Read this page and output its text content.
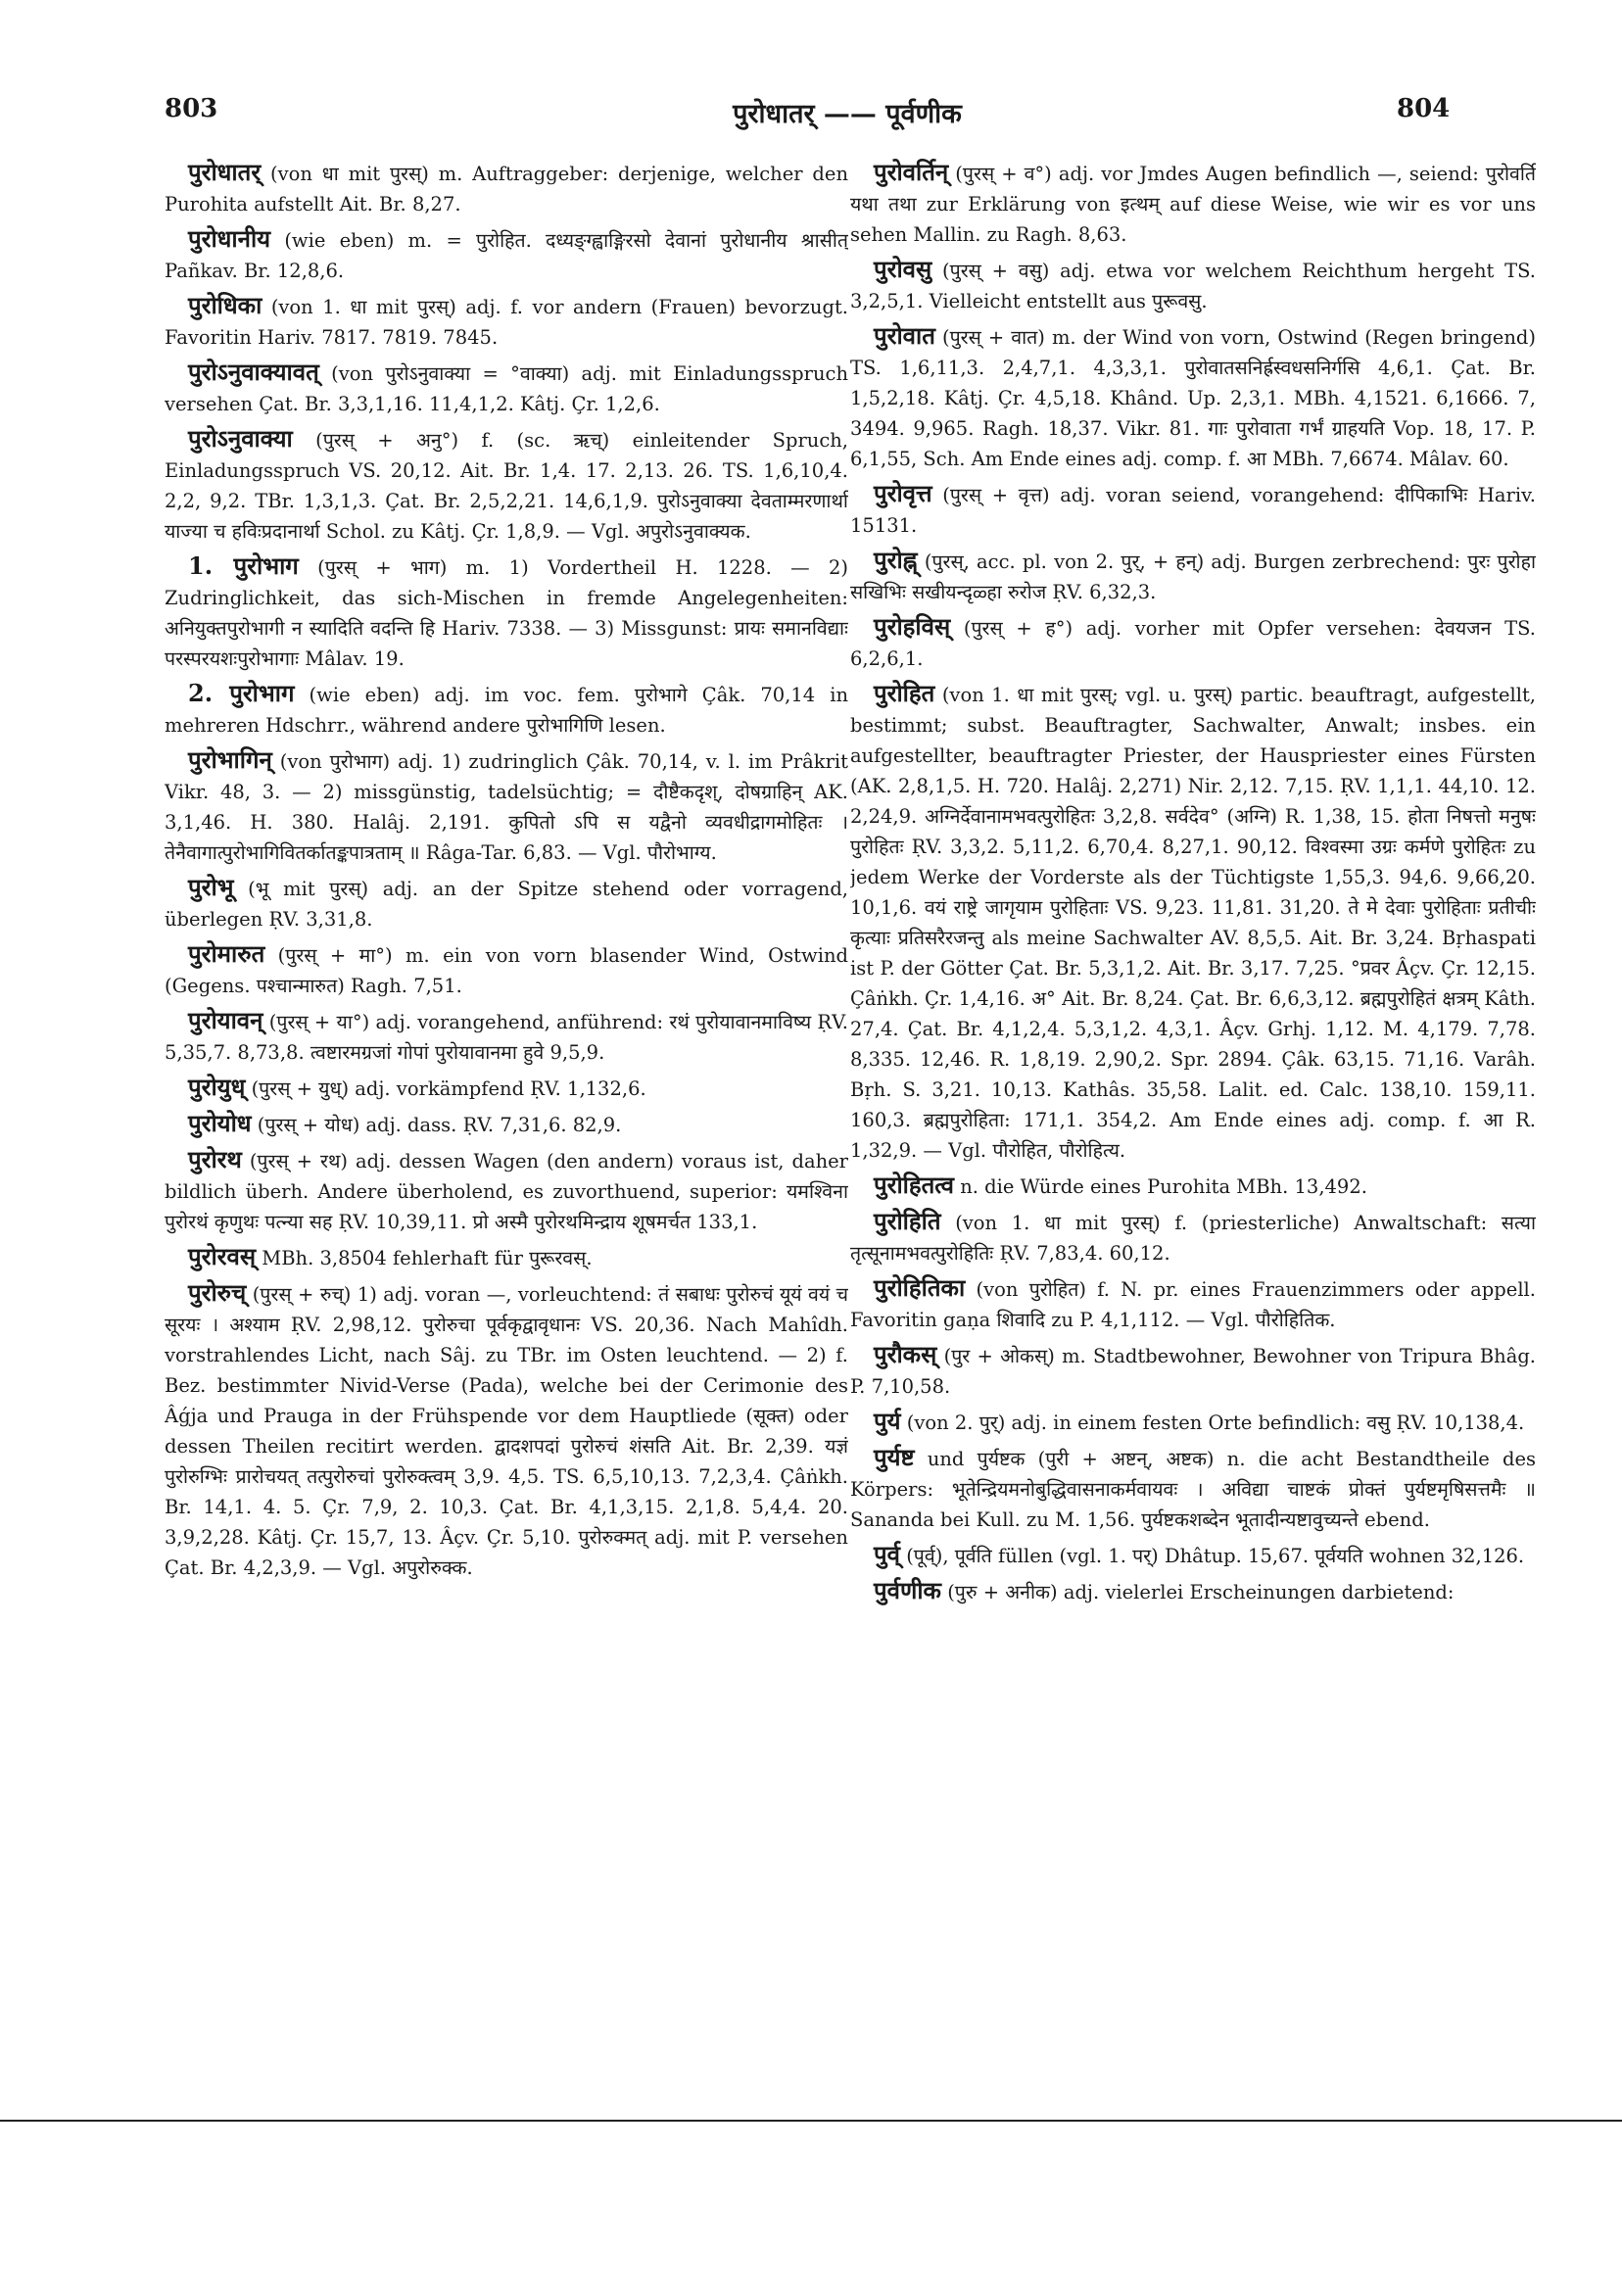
803	पुरोधातर् —— पूर्वणीक	804

पुरोधातर् (von धा mit पुरस्) m. Auftraggeber: derjenige, welcher den Purohita aufstellt Ait. Br. 8,27.

पुरोधानीय (wie eben) m. = पुरोहित. दध्यङ्ग्ह्वाङ्गिरसो देवानां पुरोधानीय श्रासीत् Pañkav. Br. 12,8,6.

पुरोधिका (von 1. धा mit पुरस्) adj. f. vor andern (Frauen) bevorzugt. Favoritin Hariv. 7817. 7819. 7845.

पुरोऽनुवाक्यावत् (von पुरोऽनुवाक्या = °वाक्या) adj. mit Einladungsspruch versehen Çat. Br. 3,3,1,16. 11,4,1,2. Kâtj. Çr. 1,2,6.

पुरोऽनुवाक्या (पुरस् + अनु°) f. (sc. ऋच्) einleitender Spruch, Einladungsspruch VS. 20,12. Ait. Br. 1,4. 17. 2,13. 26. TS. 1,6,10,4. 2,2, 9,2. TBr. 1,3,1,3. Çat. Br. 2,5,2,21. 14,6,1,9. पुरोऽनुवाक्या देवताम्मरणार्था याज्या च हविःप्रदानार्था Schol. zu Kâtj. Çr. 1,8,9. — Vgl. अपुरोऽनुवाक्यक.

1. पुरोभाग (पुरस् + भाग) m. 1) Vordertheil H. 1228. — 2) Zudringlichkeit, das sich-Mischen in fremde Angelegenheiten: अनियुक्तपुरोभागी न स्यादिति वदन्ति हि Hariv. 7338. — 3) Missgunst: प्रायः समानविद्याः परस्परयशःपुरोभागाः Mâlav. 19.

2. पुरोभाग (wie eben) adj. im voc. fem. पुरोभागे Çâk. 70,14 in mehreren Hdschrr., während andere पुरोभागिणि lesen.

पुरोभागिन् (von पुरोभाग) adj. 1) zudringlich Çâk. 70,14, v. l. im Prâkrit Vikr. 48, 3. — 2) missgünstig, tadelsüchtig; = दौष्टैकदृश्, दोषग्राहिन् AK. 3,1,46. H. 380. Halâj. 2,191. कुपितो ऽपि स यद्वैनो व्यवधीद्रागमोहितः । तेनैवागात्पुरोभागिवितर्कातङ्कपात्रताम् ॥ Râga-Tar. 6,83. — Vgl. पौरोभाग्य.

पुरोभू (भू mit पुरस्) adj. an der Spitze stehend oder vorragend, überlegen ṚV. 3,31,8.

पुरोमारुत (पुरस् + मा°) m. ein von vorn blasender Wind, Ostwind (Gegens. पश्चान्मारुत) Ragh. 7,51.

पुरोयावन् (पुरस् + या°) adj. vorangehend, anführend: रथं पुरोयावानमाविष्य ṚV. 5,35,7. 8,73,8. त्वष्टारमग्रजां गोपां पुरोयावानमा हुवे 9,5,9.

पुरोयुध् (पुरस् + युध्) adj. vorkämpfend ṚV. 1,132,6.

पुरोयोध (पुरस् + योध) adj. dass. ṚV. 7,31,6. 82,9.

पुरोरथ (पुरस् + रथ) adj. dessen Wagen (den andern) voraus ist, daher bildlich überh. Andere überholend, es zuvorthuend, superior: यमश्विना पुरोरथं कृणुथः पत्न्या सह ṚV. 10,39,11. प्रो अस्मै पुरोरथमिन्द्राय शूषमर्चत 133,1.

पुरोरवस् MBh. 3,8504 fehlerhaft für पुरूरवस्.

पुरोरुच् (पुरस् + रुच्) 1) adj. voran —, vorleuchtend: तं सबाधः पुरोरुचं यूयं वयं च सूरयः । अश्याम ṚV. 2,98,12. पुरोरुचा पूर्वकृद्वावृधानः VS. 20,36. Nach Mahîdh. vorstrahlendes Licht, nach Sâj. zu TBr. im Osten leuchtend. — 2) f. Bez. bestimmter Nivid-Verse (Pada), welche bei der Cerimonie des Âǵja und Prauga in der Frühspende vor dem Hauptliede (सूक्त) oder dessen Theilen recitirt werden. द्वादशपदां पुरोरुचं शंसति Ait. Br. 2,39. यज्ञं पुरोरुग्भिः प्रारोचयत् तत्पुरोरुचां पुरोरुक्त्वम् 3,9. 4,5. TS. 6,5,10,13. 7,2,3,4. Çâṅkh. Br. 14,1. 4. 5. Çr. 7,9, 2. 10,3. Çat. Br. 4,1,3,15. 2,1,8. 5,4,4. 20. 3,9,2,28. Kâtj. Çr. 15,7, 13. Âçv. Çr. 5,10. पुरोरुक्मत् adj. mit P. versehen Çat. Br. 4,2,3,9. — Vgl. अपुरोरुक्क.

पुरोवर्तिन् (पुरस् + व°) adj. vor Jmdes Augen befindlich —, seiend: पुरोवर्ति यथा तथा zur Erklärung von इत्थम् auf diese Weise, wie wir es vor uns sehen Mallin. zu Ragh. 8,63.

पुरोवसु (पुरस् + वसु) adj. etwa vor welchem Reichthum hergeht TS. 3,2,5,1. Vielleicht entstellt aus पुरूवसु.

पुरोवात (पुरस् + वात) m. der Wind von vorn, Ostwind (Regen bringend) TS. 1,6,11,3. 2,4,7,1. 4,3,3,1. पुरोवातसनिर्ह्रस्वधसनिर्गसि 4,6,1. Çat. Br. 1,5,2,18. Kâtj. Çr. 4,5,18. Khând. Up. 2,3,1. MBh. 4,1521. 6,1666. 7, 3494. 9,965. Ragh. 18,37. Vikr. 81. गाः पुरोवाता गर्भं ग्राहयति Vop. 18, 17. P. 6,1,55, Sch. Am Ende eines adj. comp. f. आ MBh. 7,6674. Mâlav. 60.

पुरोवृत्त (पुरस् + वृत्त) adj. voran seiend, vorangehend: दीपिकाभिः Hariv. 15131.

पुरोह्न् (पुरस्, acc. pl. von 2. पुर्, + हन्) adj. Burgen zerbrechend: पुरः पुरोहा सखिभिः सखीयन्दृळ्हा रुरोज ṚV. 6,32,3.

पुरोहविस् (पुरस् + ह°) adj. vorher mit Opfer versehen: देवयजन TS. 6,2,6,1.

पुरोहित (von 1. धा mit पुरस्; vgl. u. पुरस्) partic. beauftragt, aufgestellt, bestimmt; subst. Beauftragter, Sachwalter, Anwalt; insbes. ein aufgestellter, beauftragter Priester, der Hauspriester eines Fürsten (AK. 2,8,1,5. H. 720. Halâj. 2,271) Nir. 2,12. 7,15. ṚV. 1,1,1. 44,10. 12. 2,24,9. अग्निर्देवानामभवत्पुरोहितः 3,2,8. सर्वदेव° (अग्नि) R. 1,38, 15. होता निषत्तो मनुषः पुरोहितः ṚV. 3,3,2. 5,11,2. 6,70,4. 8,27,1. 90,12. विश्वस्मा उग्रः कर्मणे पुरोहितः zu jedem Werke der Vorderste als der Tüchtigste 1,55,3. 94,6. 9,66,20. 10,1,6. वयं राष्ट्रे जागृयाम पुरोहिताः VS. 9,23. 11,81. 31,20. ते मे देवाः पुरोहिताः प्रतीचीः कृत्याः प्रतिसरैरजन्तु als meine Sachwalter AV. 8,5,5. Ait. Br. 3,24. Bṛhaspati ist P. der Götter Çat. Br. 5,3,1,2. Ait. Br. 3,17. 7,25. °प्रवर Âçv. Çr. 12,15. Çâṅkh. Çr. 1,4,16. अ° Ait. Br. 8,24. Çat. Br. 6,6,3,12. ब्रह्मपुरोहितं क्षत्रम् Kâth. 27,4. Çat. Br. 4,1,2,4. 5,3,1,2. 4,3,1. Âçv. Grhj. 1,12. M. 4,179. 7,78. 8,335. 12,46. R. 1,8,19. 2,90,2. Spr. 2894. Çâk. 63,15. 71,16. Varâh. Bṛh. S. 3,21. 10,13. Kathâs. 35,58. Lalit. ed. Calc. 138,10. 159,11. 160,3. ब्रह्मपुरोहिता: 171,1. 354,2. Am Ende eines adj. comp. f. आ R. 1,32,9. — Vgl. पौरोहित, पौरोहित्य.

पुरोहितत्व n. die Würde eines Purohita MBh. 13,492.

पुरोहिति (von 1. धा mit पुरस्) f. (priesterliche) Anwaltschaft: सत्या तृत्सूनामभवत्पुरोहितिः ṚV. 7,83,4. 60,12.

पुरोहितिका (von पुरोहित) f. N. pr. eines Frauenzimmers oder appell. Favoritin gaṇa शिवादि zu P. 4,1,112. — Vgl. पौरोहितिक.

पुरौकस् (पुर + ओकस्) m. Stadtbewohner, Bewohner von Tripura Bhâg. P. 7,10,58.

पुर्य (von 2. पुर्) adj. in einem festen Orte befindlich: वसु ṚV. 10,138,4.

पुर्यष्ट und पुर्यष्टक (पुरी + अष्टन्, अष्टक) n. die acht Bestandtheile des Körpers: भूतेन्द्रियमनोबुद्धिवासनाकर्मवायवः । अविद्या चाष्टकं प्रोक्तं पुर्यष्टमृषिसत्तमैः ॥ Sananda bei Kull. zu M. 1,56. पुर्यष्टकशब्देन भूतादीन्यष्टावुच्यन्ते ebend.

पुर्व् (पूर्व्), पूर्वति füllen (vgl. 1. पर्) Dhâtup. 15,67. पूर्वयति wohnen 32,126.

पुर्वणीक (पुरु + अनीक) adj. vielerlei Erscheinungen darbietend:
